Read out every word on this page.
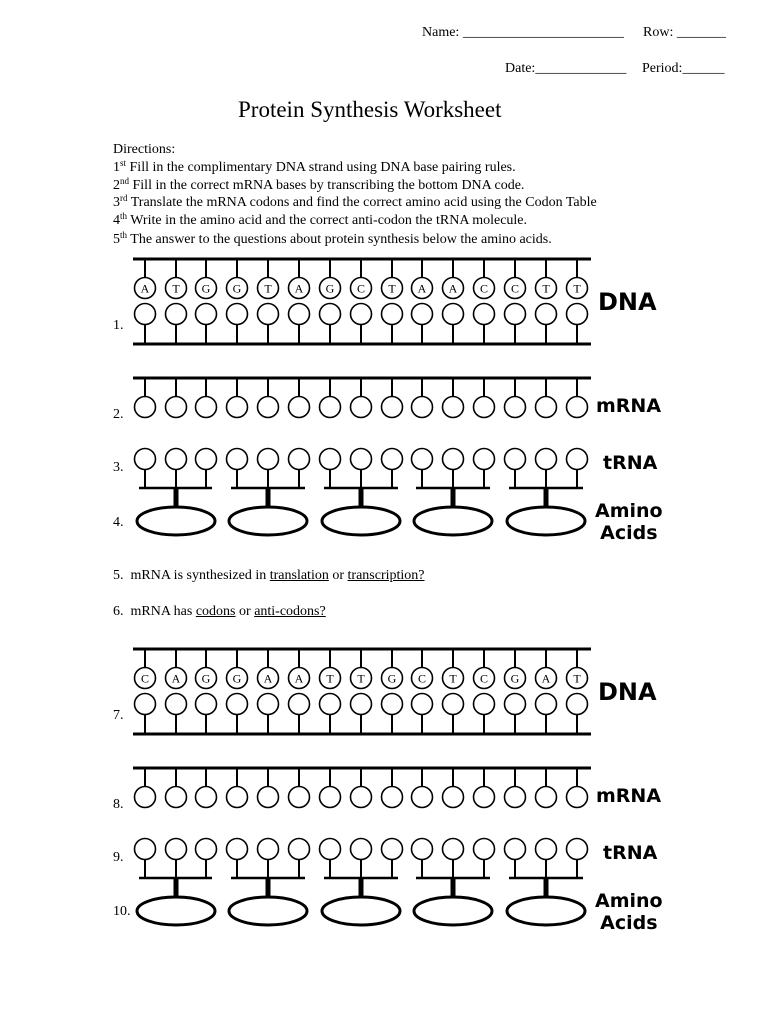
Name: _______________________ Row: _______
Date:_____________ Period:______
Protein Synthesis Worksheet
Directions:
1st Fill in the complimentary DNA strand using DNA base pairing rules.
2nd Fill in the correct mRNA bases by transcribing the bottom DNA code.
3rd Translate the mRNA codons and find the correct amino acid using the Codon Table
4th Write in the amino acid and the correct anti-codon the tRNA molecule.
5th The answer to the questions about protein synthesis below the amino acids.
A T G G T A G C T A A C C T T
C A G G A A T T G C T C G A T
DNA
mRNA
tRNA
Amino
Acids
1.
2.
3.
4.
5. mRNA is synthesized in translation or transcription?
6. mRNA has codons or anti-codons?
DNA
mRNA
tRNA
Amino
Acids
7.
8.
9.
10.
